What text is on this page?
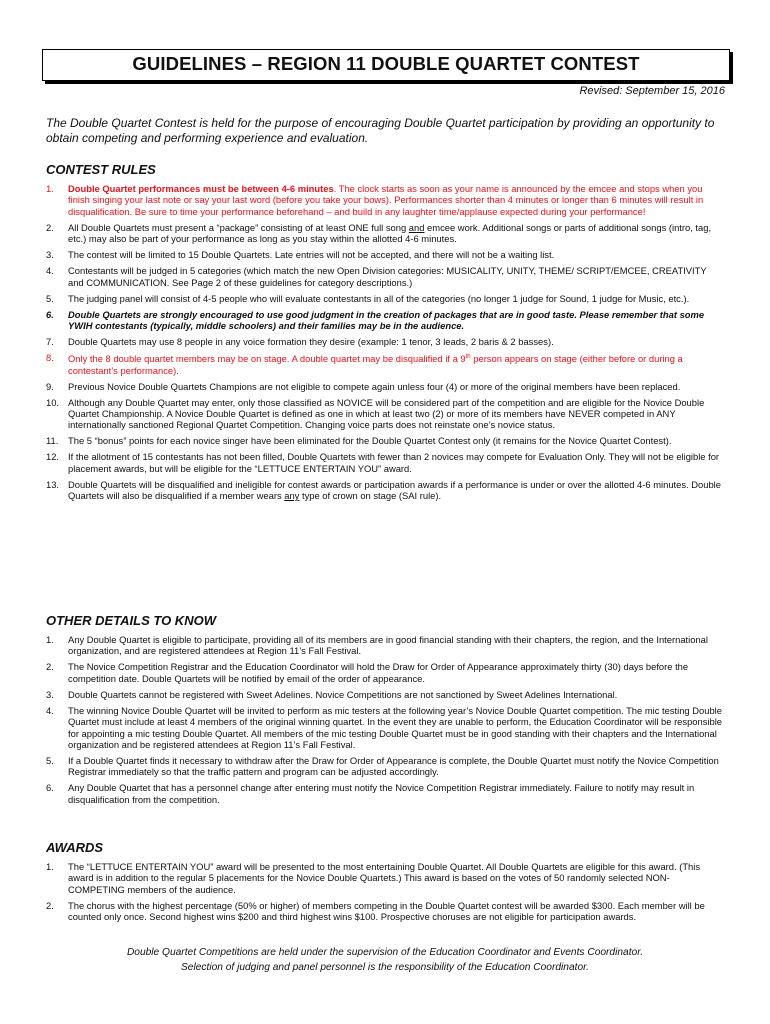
GUIDELINES – REGION 11 DOUBLE QUARTET CONTEST
Revised: September 15, 2016
The Double Quartet Contest is held for the purpose of encouraging Double Quartet participation by providing an opportunity to obtain competing and performing experience and evaluation.
CONTEST RULES
1. Double Quartet performances must be between 4-6 minutes. The clock starts as soon as your name is announced by the emcee and stops when you finish singing your last note or say your last word (before you take your bows). Performances shorter than 4 minutes or longer than 6 minutes will result in disqualification. Be sure to time your performance beforehand – and build in any laughter time/applause expected during your performance!
2. All Double Quartets must present a “package” consisting of at least ONE full song and emcee work. Additional songs or parts of additional songs (intro, tag, etc.) may also be part of your performance as long as you stay within the allotted 4-6 minutes.
3. The contest will be limited to 15 Double Quartets. Late entries will not be accepted, and there will not be a waiting list.
4. Contestants will be judged in 5 categories (which match the new Open Division categories: MUSICALITY, UNITY, THEME/ SCRIPT/EMCEE, CREATIVITY and COMMUNICATION. See Page 2 of these guidelines for category descriptions.)
5. The judging panel will consist of 4-5 people who will evaluate contestants in all of the categories (no longer 1 judge for Sound, 1 judge for Music, etc.).
6. Double Quartets are strongly encouraged to use good judgment in the creation of packages that are in good taste. Please remember that some YWIH contestants (typically, middle schoolers) and their families may be in the audience.
7. Double Quartets may use 8 people in any voice formation they desire (example: 1 tenor, 3 leads, 2 baris & 2 basses).
8. Only the 8 double quartet members may be on stage. A double quartet may be disqualified if a 9th person appears on stage (either before or during a contestant’s performance).
9. Previous Novice Double Quartets Champions are not eligible to compete again unless four (4) or more of the original members have been replaced.
10. Although any Double Quartet may enter, only those classified as NOVICE will be considered part of the competition and are eligible for the Novice Double Quartet Championship. A Novice Double Quartet is defined as one in which at least two (2) or more of its members have NEVER competed in ANY internationally sanctioned Regional Quartet Competition. Changing voice parts does not reinstate one’s novice status.
11. The 5 “bonus” points for each novice singer have been eliminated for the Double Quartet Contest only (it remains for the Novice Quartet Contest).
12. If the allotment of 15 contestants has not been filled, Double Quartets with fewer than 2 novices may compete for Evaluation Only. They will not be eligible for placement awards, but will be eligible for the “LETTUCE ENTERTAIN YOU” award.
13. Double Quartets will be disqualified and ineligible for contest awards or participation awards if a performance is under or over the allotted 4-6 minutes. Double Quartets will also be disqualified if a member wears any type of crown on stage (SAI rule).
OTHER DETAILS TO KNOW
1. Any Double Quartet is eligible to participate, providing all of its members are in good financial standing with their chapters, the region, and the International organization, and are registered attendees at Region 11’s Fall Festival.
2. The Novice Competition Registrar and the Education Coordinator will hold the Draw for Order of Appearance approximately thirty (30) days before the competition date. Double Quartets will be notified by email of the order of appearance.
3. Double Quartets cannot be registered with Sweet Adelines. Novice Competitions are not sanctioned by Sweet Adelines International.
4. The winning Novice Double Quartet will be invited to perform as mic testers at the following year’s Novice Double Quartet competition. The mic testing Double Quartet must include at least 4 members of the original winning quartet. In the event they are unable to perform, the Education Coordinator will be responsible for appointing a mic testing Double Quartet. All members of the mic testing Double Quartet must be in good standing with their chapters and the International organization and be registered attendees at Region 11’s Fall Festival.
5. If a Double Quartet finds it necessary to withdraw after the Draw for Order of Appearance is complete, the Double Quartet must notify the Novice Competition Registrar immediately so that the traffic pattern and program can be adjusted accordingly.
6. Any Double Quartet that has a personnel change after entering must notify the Novice Competition Registrar immediately. Failure to notify may result in disqualification from the competition.
AWARDS
1. The “LETTUCE ENTERTAIN YOU” award will be presented to the most entertaining Double Quartet. All Double Quartets are eligible for this award. (This award is in addition to the regular 5 placements for the Novice Double Quartets.) This award is based on the votes of 50 randomly selected NON-COMPETING members of the audience.
2. The chorus with the highest percentage (50% or higher) of members competing in the Double Quartet contest will be awarded $300. Each member will be counted only once. Second highest wins $200 and third highest wins $100. Prospective choruses are not eligible for participation awards.
Double Quartet Competitions are held under the supervision of the Education Coordinator and Events Coordinator.
Selection of judging and panel personnel is the responsibility of the Education Coordinator.
